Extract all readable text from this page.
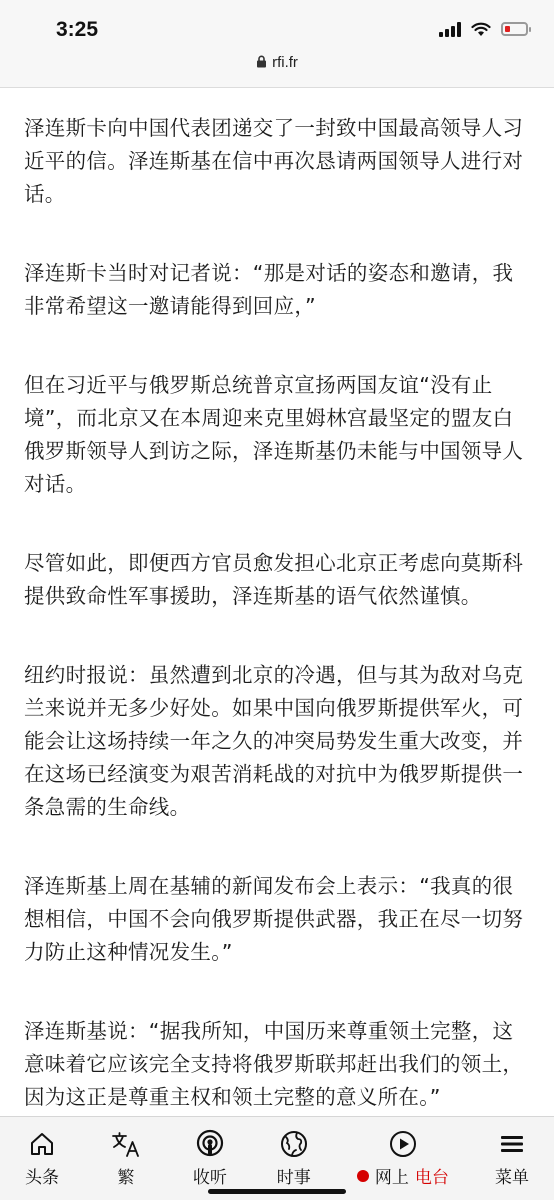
3:25
rfi.fr

泽连斯卡向中国代表团递交了一封致中国最高领导人习近平的信。泽连斯基在信中再次恳请两国领导人进行对话。

泽连斯卡当时对记者说：“那是对话的姿态和邀请，我非常希望这一邀请能得到回应，”

但在习近平与俄罗斯总统普京宣扬两国友谊“没有止境”，而北京又在本周迎来克里姆林宫最坚定的盟友白俄罗斯领导人到访之际，泽连斯基仍未能与中国领导人对话。

尽管如此，即便西方官员愈发担心北京正考虑向莫斯科提供致命性军事援助，泽连斯基的语气依然谨慎。

纽约时报说：虽然遭到北京的冷遇，但与其为敌对乌克兰来说并无多少好处。如果中国向俄罗斯提供军火，可能会让这场持续一年之久的冲突局势发生重大改变，并在这场已经演变为艰苦消耗战的对抗中为俄罗斯提供一条急需的生命线。

泽连斯基上周在基辅的新闻发布会上表示：“我真的很想相信，中国不会向俄罗斯提供武器，我正在尽一切努力防止这种情况发生。”

泽连斯基说：“据我所知，中国历来尊重领土完整，这意味着它应该完全支持将俄罗斯联邦赶出我们的领土，因为这正是尊重主权和领土完整的意义所在。”

头条	繁	收听	时事	网上 电台	菜单
